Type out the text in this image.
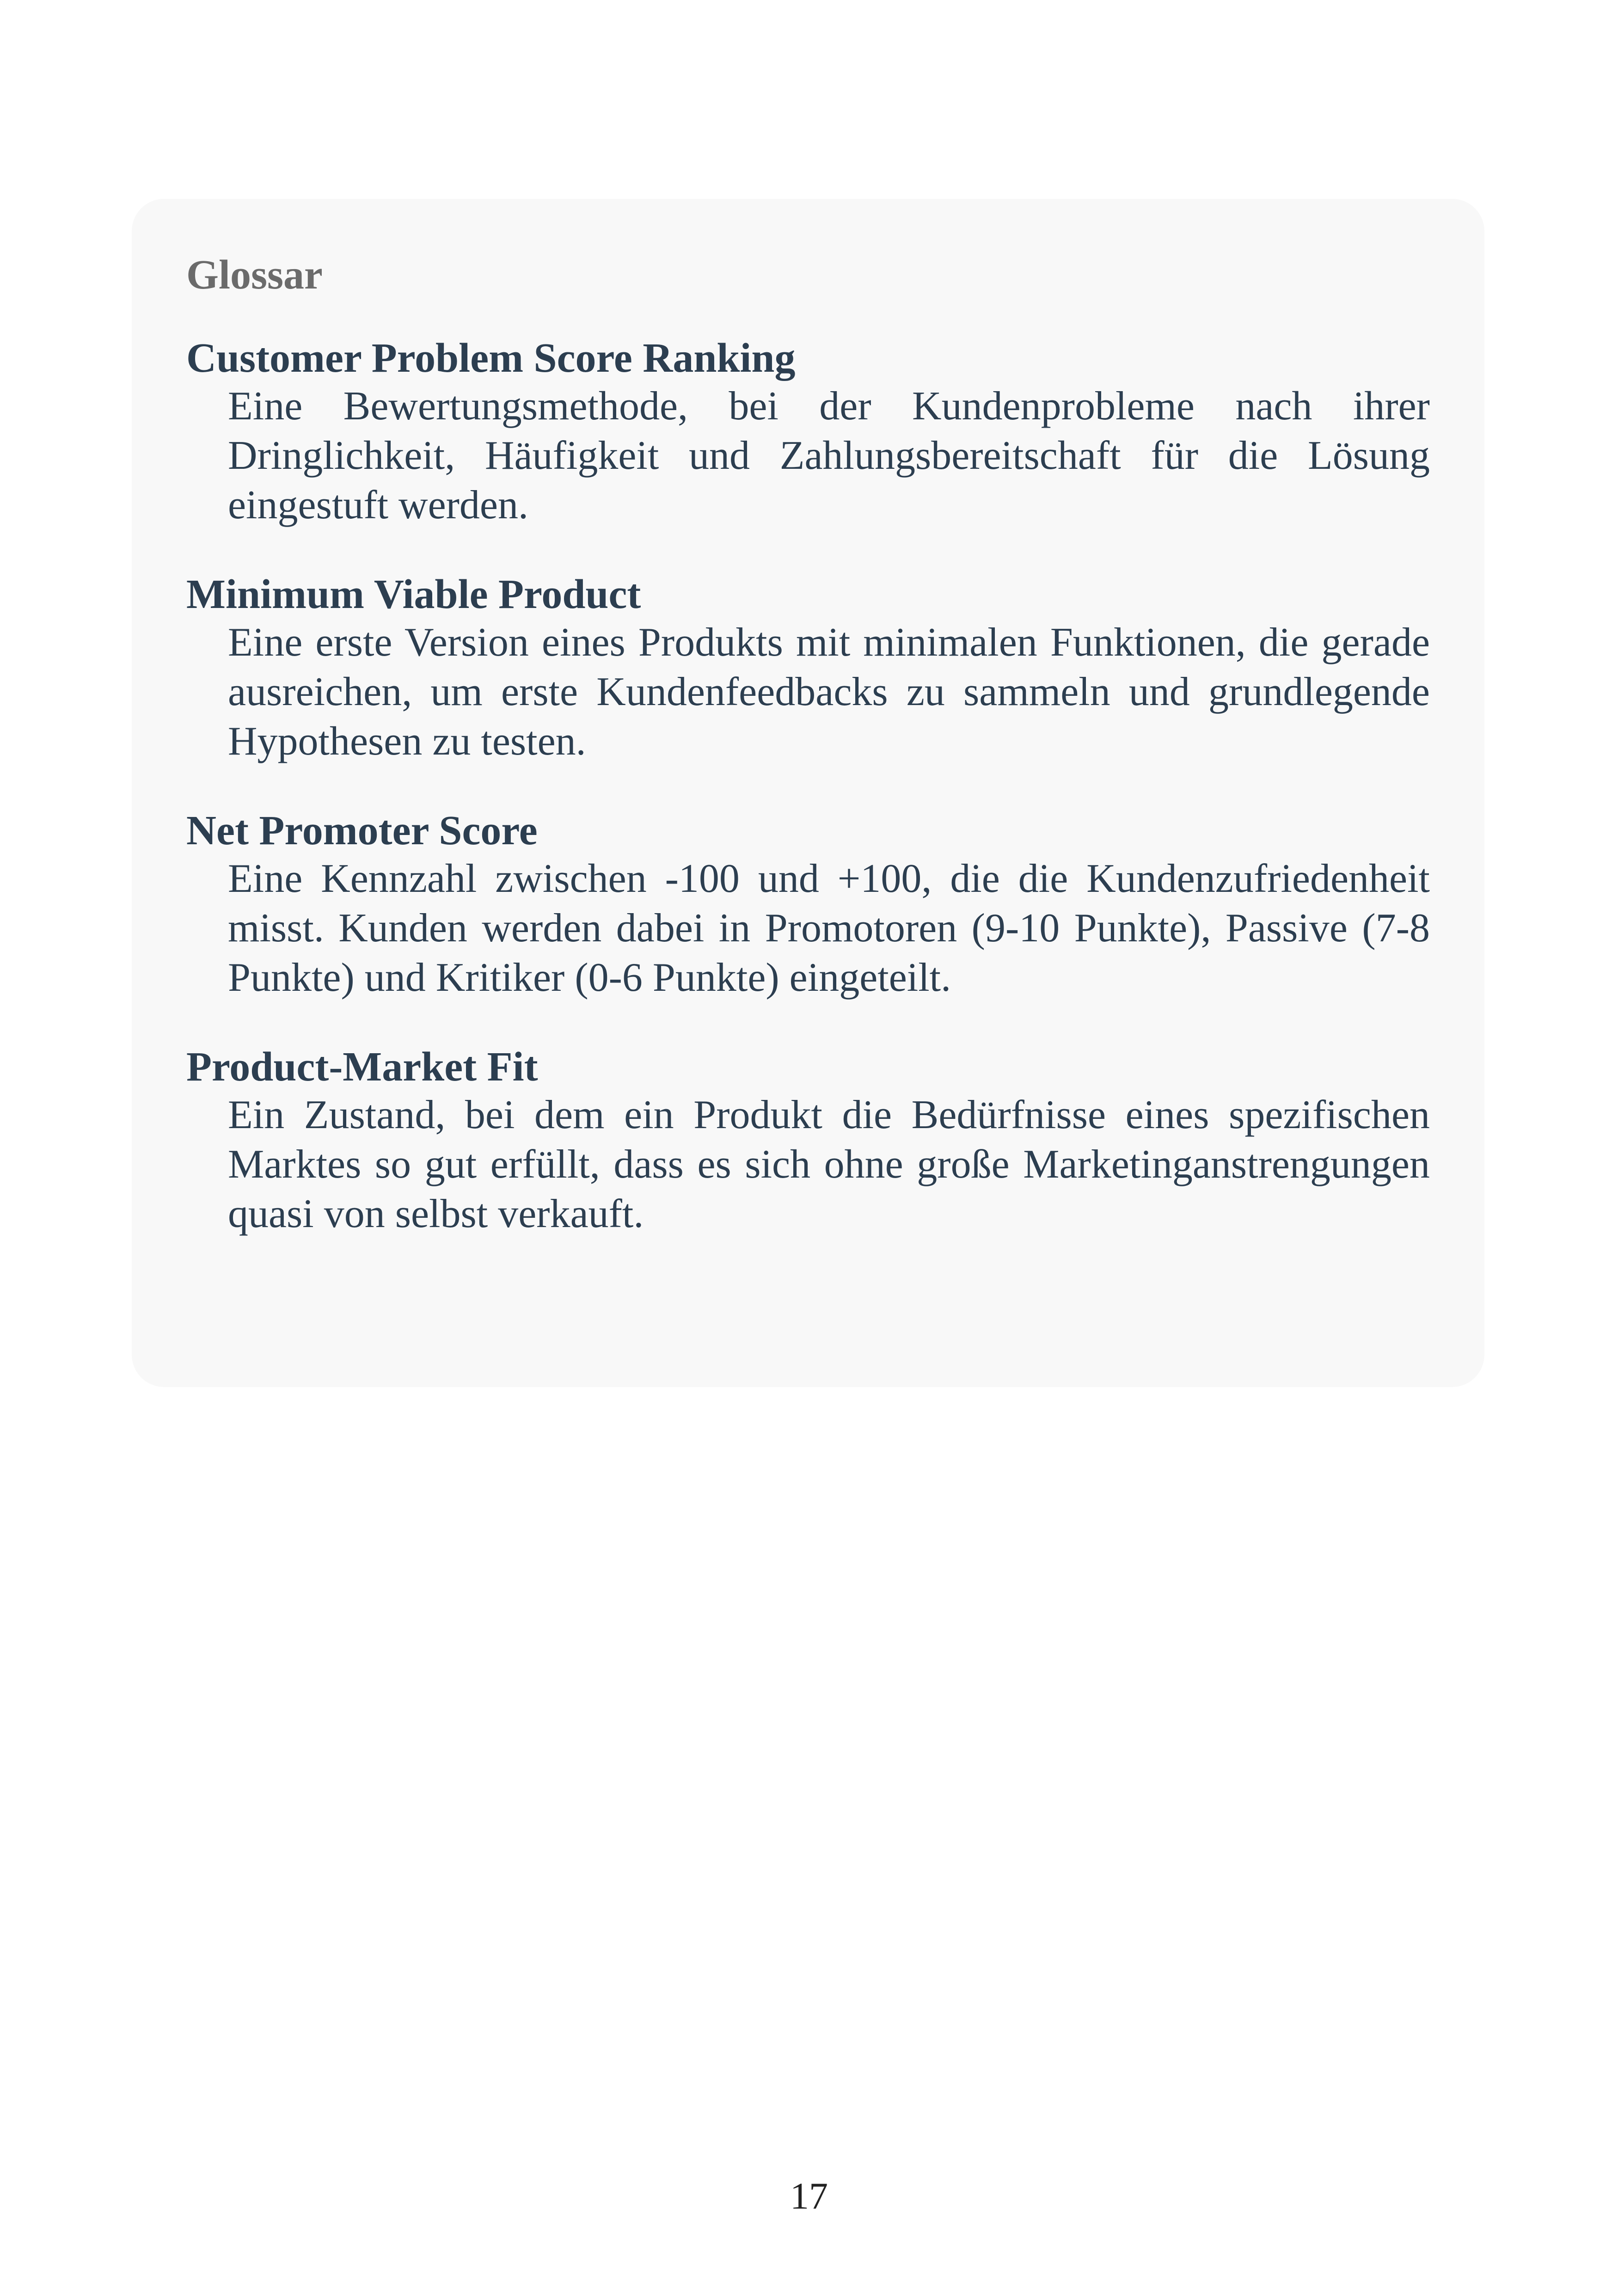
Glossar

Customer Problem Score Ranking

Eine Bewertungsmethode, bei der Kundenprobleme nach ihrer Dringlichkeit, Häufigkeit und Zahlungsbereitschaft für die Lösung eingestuft werden.

Minimum Viable Product

Eine erste Version eines Produkts mit minimalen Funktionen, die gerade ausreichen, um erste Kundenfeedbacks zu sammeln und grundlegende Hypothesen zu testen.

Net Promoter Score

Eine Kennzahl zwischen -100 und +100, die die Kundenzufriedenheit misst. Kunden werden dabei in Promotoren (9-10 Punkte), Passive (7-8 Punkte) und Kritiker (0-6 Punkte) eingeteilt.

Product-Market Fit

Ein Zustand, bei dem ein Produkt die Bedürfnisse eines spezifischen Marktes so gut erfüllt, dass es sich ohne große Marketinganstrengungen quasi von selbst verkauft.

17
